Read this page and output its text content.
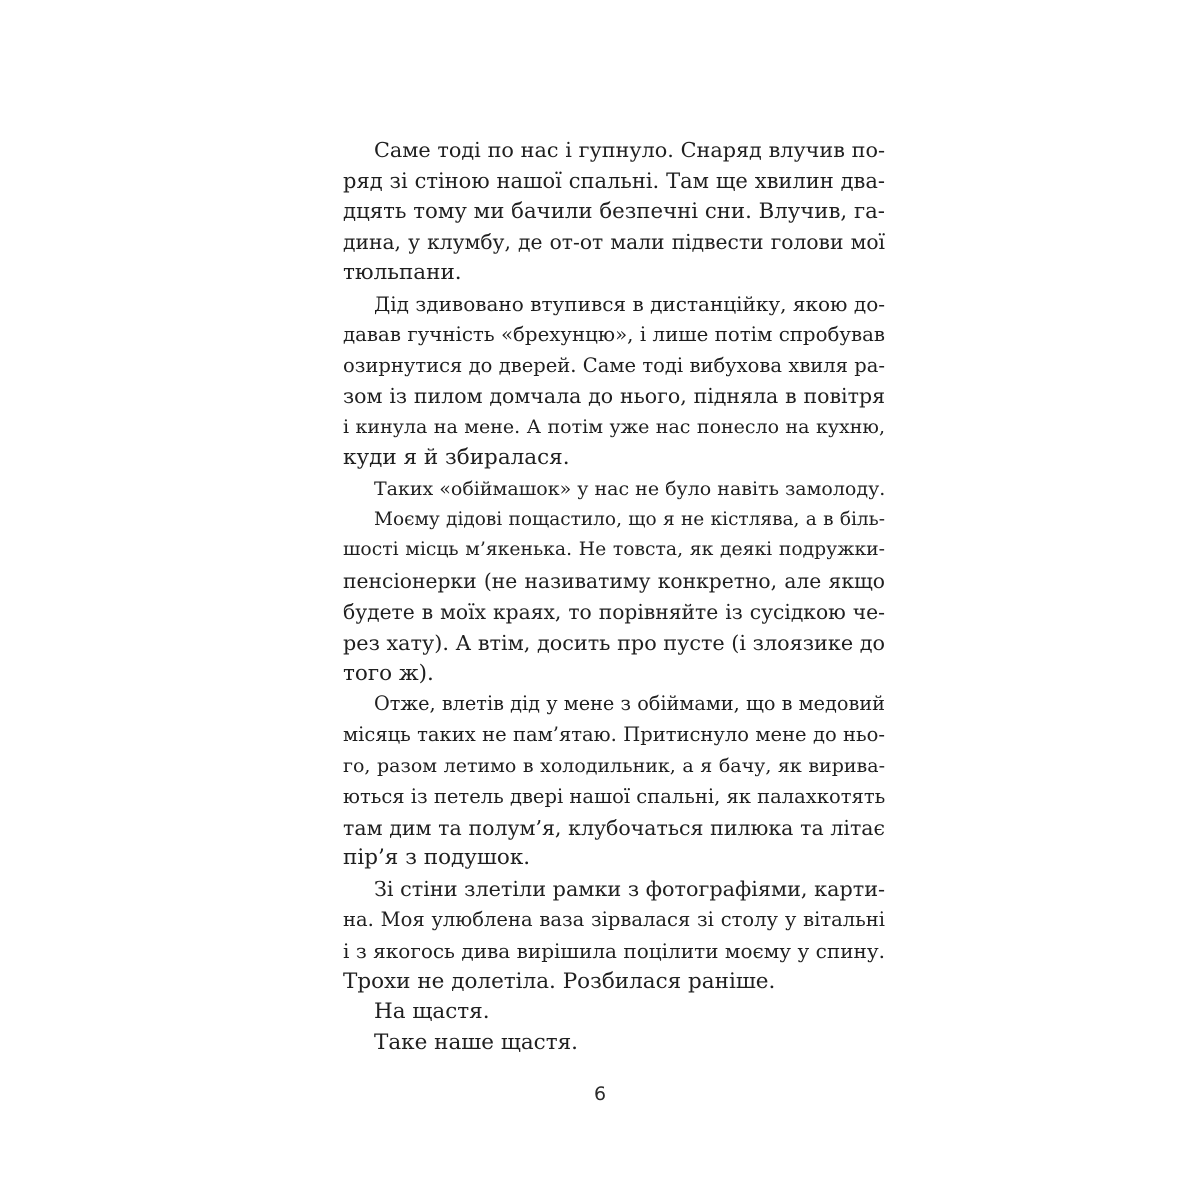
Саме тоді по нас і гупнуло. Снаряд влучив по-
ряд зі стіною нашої спальні. Там ще хвилин два-
дцять тому ми бачили безпечні сни. Влучив, га-
дина, у клумбу, де от-от мали підвести голови мої
тюльпани.
Дід здивовано втупився в дистанційку, якою до-
давав гучність «брехунцю», і лише потім спробував
озирнутися до дверей. Саме тоді вибухова хвиля ра-
зом із пилом домчала до нього, підняла в повітря
і кинула на мене. А потім уже нас понесло на кухню,
куди я й збиралася.
Таких «обіймашок» у нас не було навіть замолоду.
Моєму дідові пощастило, що я не кістлява, а в біль-
шості місць м’якенька. Не товста, як деякі подружки-
пенсіонерки (не називатиму конкретно, але якщо
будете в моїх краях, то порівняйте із сусідкою че-
рез хату). А втім, досить про пусте (і злоязике до
того ж).
Отже, влетів дід у мене з обіймами, що в медовий
місяць таких не пам’ятаю. Притиснуло мене до ньо-
го, разом летимо в холодильник, а я бачу, як вирива-
ються із петель двері нашої спальні, як палахкотять
там дим та полум’я, клубочаться пилюка та літає
пір’я з подушок.
Зі стіни злетіли рамки з фотографіями, карти-
на. Моя улюблена ваза зірвалася зі столу у вітальні
і з якогось дива вирішила поцілити моєму у спину.
Трохи не долетіла. Розбилася раніше.
На щастя.
Таке наше щастя.
6
